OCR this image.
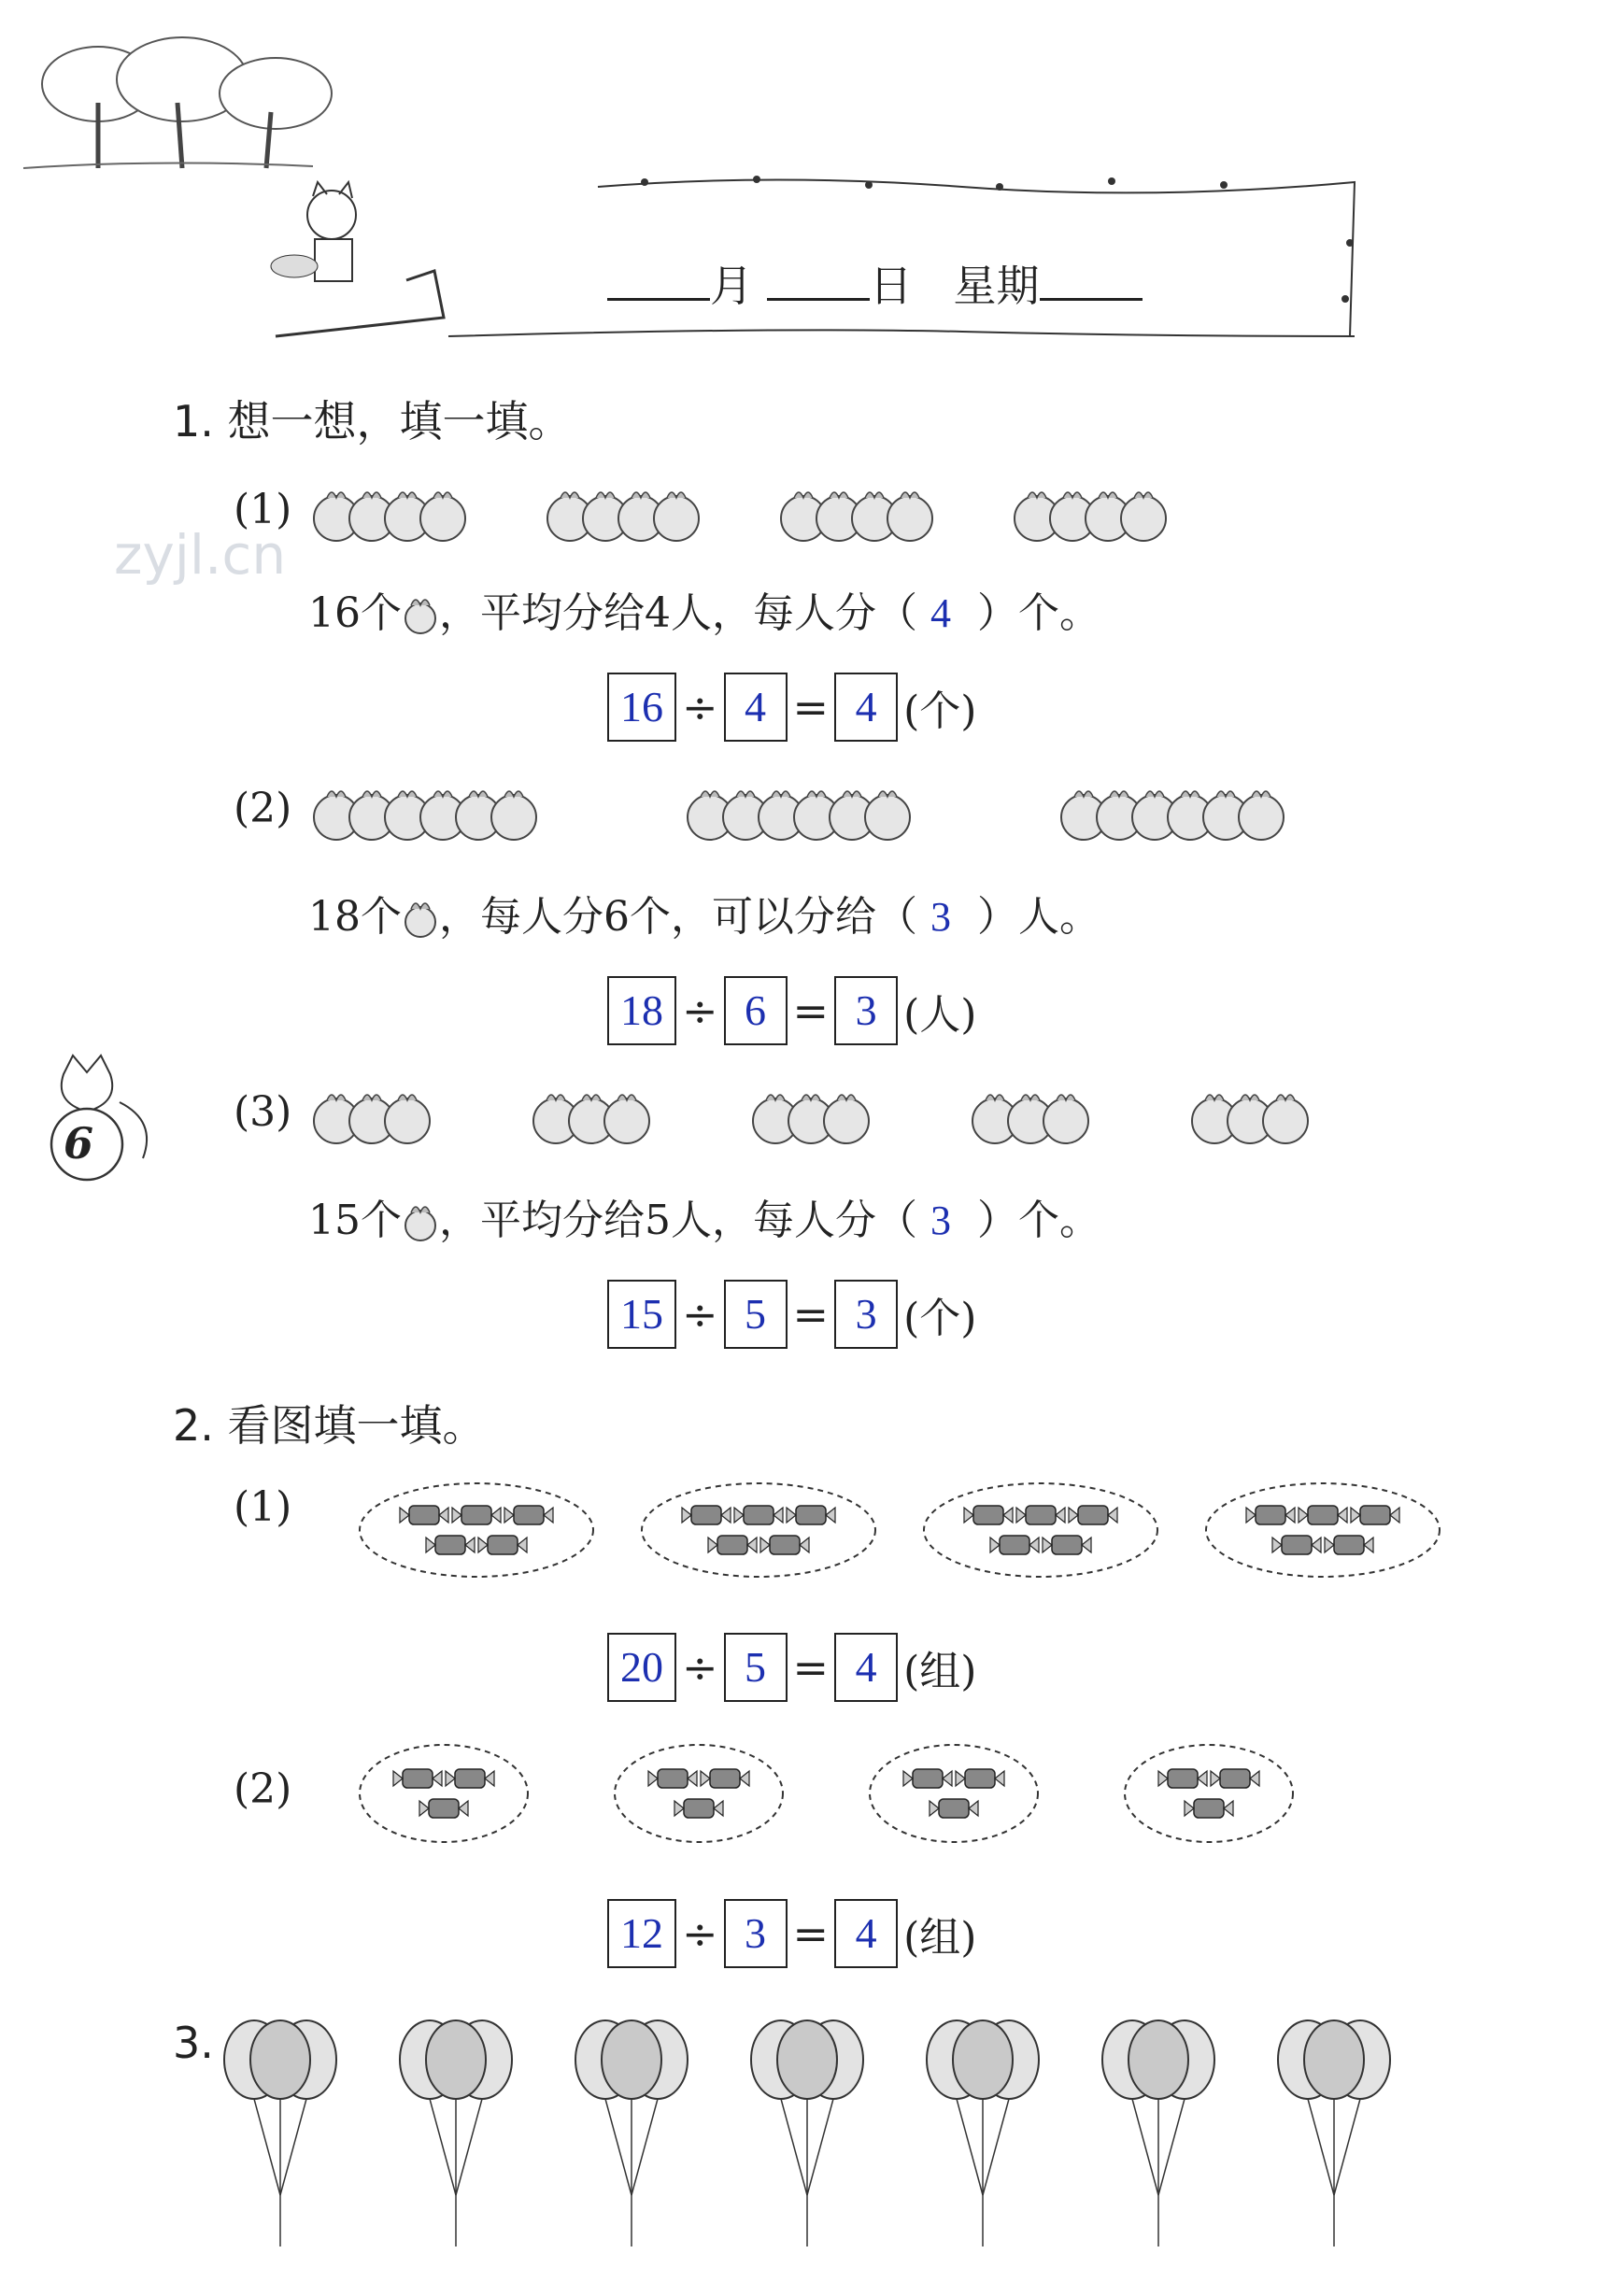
月	日 星期
zyjl.cn
6
1. 想一想，填一填。
(1)
16个 ，平均分给4人，每人分（ 4 ）个。
16 ÷ 4 = 4 (个)
(2)
18个 ，每人分6个，可以分给（ 3 ）人。
18 ÷ 6 = 3 (人)
(3)
15个 ，平均分给5人，每人分（ 3 ）个。
15 ÷ 5 = 3 (个)
2. 看图填一填。
(1)
20 ÷ 5 = 4 (组)
(2)
12 ÷ 3 = 4 (组)
3.
